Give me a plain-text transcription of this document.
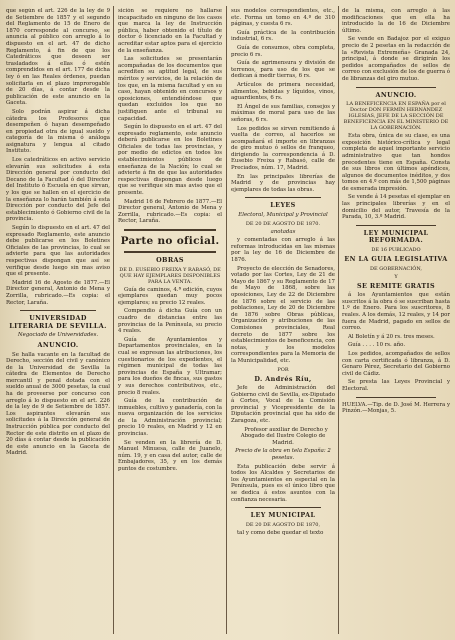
que según el art. 226 de la ley de 9 de Setiembre de 1857 y el segundo del Reglamento de 15 de Enero de 1870 corresponde al concurso, se anuncia al público con arreglo á lo dispuesto en el art. 47 de dicho Reglamento, á fin de que los Catedráticos que deseen ser trasladados á ellas ó estén comprendidos en el art. 177 de dicha ley ó en las Reales órdenes, puedan solicitarla en el plazo improrogable de 20 días, á contar desde la publicación de este anuncio en la Gaceta.

Solo podrán aspirar á dicha cátedra los Profesores que desempeñen ó hayan desempeñado en propiedad otra de igual sueldo y categoría de la misma ó análoga asignatura y lengua al citado Instituto.

Los catedráticos en activo servicio elevarán sus solicitudes á esta Dirección general por conducto del Decano de la Facultad ó del Director del Instituto ó Escuela en que sirvan, y los que se hallen en el ejercicio de la enseñanza lo harán también á esta Dirección por conducto del Jefe del establecimiento ó Gobierno civil de la provincia.

Según lo dispuesto en el art. 47 del expresado Reglamento, este anuncio debe publicarse en los Boletines Oficiales de las provincias, lo cual se advierte para que las autoridades respectivas dispongan que así se verifique desde luego sin mas aviso que el presente.

Madrid 16 de Agosto de 1877.—El Director general, Antonio de Mena y Zorrilla, rubricado.—Es copia: el Rector, Laraña.

UNIVERSIDAD LITERARIA DE SEVILLA.
Negociado de Universidades.
ANUNCIO.

Se halla vacante en la facultad de Derecho, sección del civil y canónico de la Universidad de Sevilla la cátedra de Elementos de Derecho mercantil y penal dotada con el sueldo anual de 3000 pesetas, la cual ha de proveerse por concurso con arreglo á lo dispuesto en el art. 226 de la ley de 9 de Setiembre de 1857. Los aspirantes elevarán sus solicitudes á la Dirección general de Instrucción pública por conducto del Rector de este distrito en el plazo de 20 días á contar desde la publicación de este anuncio en la Gaceta de Madrid.

sición se requiere no hallarse incapacitado en ninguno de los casos que marca la ley de Instrucción pública, haber obtenido el título de doctor ó licenciado en la Facultad y acreditar estar aptos para el ejercicio de la enseñanza.

Las solicitudes se presentarán acompañadas de los documentos que acrediten su aptitud legal, de sus méritos y servicios, de la relación de los que, en la misma facultad y en su caso, hayan obtenido en concursos y oposiciones, entendiéndose que quedan excluidos los que no justifiquen ante el tribunal su capacidad.

Según lo dispuesto en el art. 47 del expresado reglamento, este anuncio deberá publicarse en los Boletines Oficiales de todas las provincias, y por medio de edictos en todos los establecimientos públicos de enseñanza de la Nación; lo cual se advierte á fin de que las autoridades respectivas dispongan desde luego que se verifique sin mas aviso que el presente.

Madrid 16 de Febrero de 1877.—El Director general, Antonio de Mena y Zorrilla, rubricado.—Es copia: el Rector, Laraña.

Parte no oficial.
OBRAS
DE D. EUSEBIO FREIXA Y RABASÓ, DE QUE HAY EJEMPLARES DISPONIBLES PARA LA VENTA.

Guía de caminos, 4.ª edición, cuyos ejemplares quedan muy pocos ejemplares; su precio 12 reales.

Compendio á dicha Guía con un cuadro de distancias entre las provincias de la Península, su precio 4 reales.

Guía de Ayuntamientos y Departamentos provinciales, en la cual se expresan las atribuciones, los cuestionarios de los expedientes, el régimen municipal de todas las provincias de España y Ultramar; para los dueños de fincas, sus gastos y sus derechos contributivos, etc., precio 8 reales.

Guía de la contribución de inmuebles, cultivo y ganadería, con la nueva organización de los servicios de la Administración provincial; precio 10 reales, en Madrid y 12 en provincias.

Se venden en la librería de D. Manuel Minuesa, calle de Juanelo, núm. 19, y en casa del autor, calle de Embajadores, 35, y en los demás puntos de costumbre.

sus modelos correspondientes, etc., etc. Forma un tomo en 4.º de 310 páginas, y cuesta 6 rs.

Guía práctica de la contribución industrial, 6 rs.

Guía de consumos, obra completa, precio 6 rs.

Guía de agrimensura y división de terrenos, para uso de los que se dedican á medir tierras, 6 rs.

Artículos de primera necesidad, alimentos, bebidas y líquidos, vinos, aguardientes, 6 rs.

El Ángel de sus familias, consejos y máximas de moral para uso de las señoras, 6 rs.

Los pedidos se sirven remitiendo á vuelta de correo, al hacerlos se acompañará el importe en libranzas de giro mutuo ó sellos de franqueo, dirigiendo la correspondencia á D. Eusebio Freixa y Rabasó, calle de Preciados, núm. 17, Madrid.

En las principales librerías de Madrid y de provincias hay ejemplares de todas las obras.

LEYES
Electoral, Municipal y Provincial
DE 20 DE AGOSTO DE 1870.
anotadas

y comentadas con arreglo á las reformas introducidas en las mismas por la ley de 16 de Diciembre de 1876.

Proyecto de elección de Senadores, votado por las Cortes, Ley de 21 de Mayo de 1867 y su Reglamento de 17 de Mayo de 1868, sobre las oposiciones, Ley de 22 de Diciembre de 1876 sobre el servicio de las poblaciones, Ley de 20 de Diciembre de 1876 sobre Obras públicas, Organización y atribuciones de las Comisiones provinciales, Real decreto de 1877 sobre los establecimientos de beneficencia, con notas, y los modelos correspondientes para la Memoria de la Municipalidad, etc.

POR
D. Andrés Ríu,

Jefe de Administración del Gobierno civil de Sevilla, ex-Diputado á Cortes, Vocal de la Comisión provincial y Vicepresidente de la Diputación provincial que ha sido de Zaragoza, etc.

Profesor auxiliar de Derecho y Abogado del Ilustre Colegio de Madrid.

Precio de la obra en tela España: 2 pesetas.

Esta publicación debe servir á todos los Alcaldes y Secretarios de los Ayuntamientos en especial en la Península, pues es el único libro que se dedica á estos asuntos con la confianza necesaria.

LEY MUNICIPAL
DE 20 DE AGOSTO DE 1870,

tal y como debe quedar el texto

de la misma, con arreglo á las modificaciones que en ella ha introducido la de 16 de Diciembre último.

Se vende en Badajoz por el exiguo precio de 2 pesetas en la redacción de la «Revista Extremeña» Granada 24, principal, á donde se dirigirán los pedidos acompañados de sellos de correo con exclusión de los de guerra ó de libranzas del giro mutuo.

ANUNCIO.
LA BENEFICENCIA EN ESPAÑA por el Doctor DON FERMÍN HERNÁNDEZ IGLESIAS, JEFE DE LA SECCIÓN DE BENEFICENCIA EN EL MINISTERIO DE LA GOBERNACIÓN.

Esta obra, única de su clase, es una exposición histórico-crítica y legal completa de aquel importante servicio administrativo que tan hondos precedentes tiene en España. Consta de sus libros con últimos apéndices, algunos de documentos inéditos, y dos tomos en 4.º con más de 1,500 páginas de esmerada impresión.

Se vende á 14 pesetas el ejemplar en las principales librerías y en el domicilio del autor, Travesía de la Parada, 10, 3.º Madrid.

LEY MUNICIPAL REFORMADA.
DE 16 PUBLICADO
EN LA GUIA LEGISLATIVA
DE GOBERNACIÓN,
Y
SE REMITE GRATIS

á los Ayuntamientos que están suscritos á la obra ó se suscriban hasta 1.º de Enero. Para los suscritores, 8 reales. A los demás, 12 reales, y 14 por fuera de Madrid, pagado en sellos de correo.

Al Boletín y á 20 rs. tres meses.

Guía . . . . 10 rs. año.

Los pedidos, acompañados de sellos con carta certificada ó libranza, á D. Genaro Pérez, Secretario del Gobierno civil de Cádiz.

Se presta las Leyes Provincial y Electoral.

HUELVA.—Tip. de D. José M. Herrera y Pinzón.—Monjas, 5.
